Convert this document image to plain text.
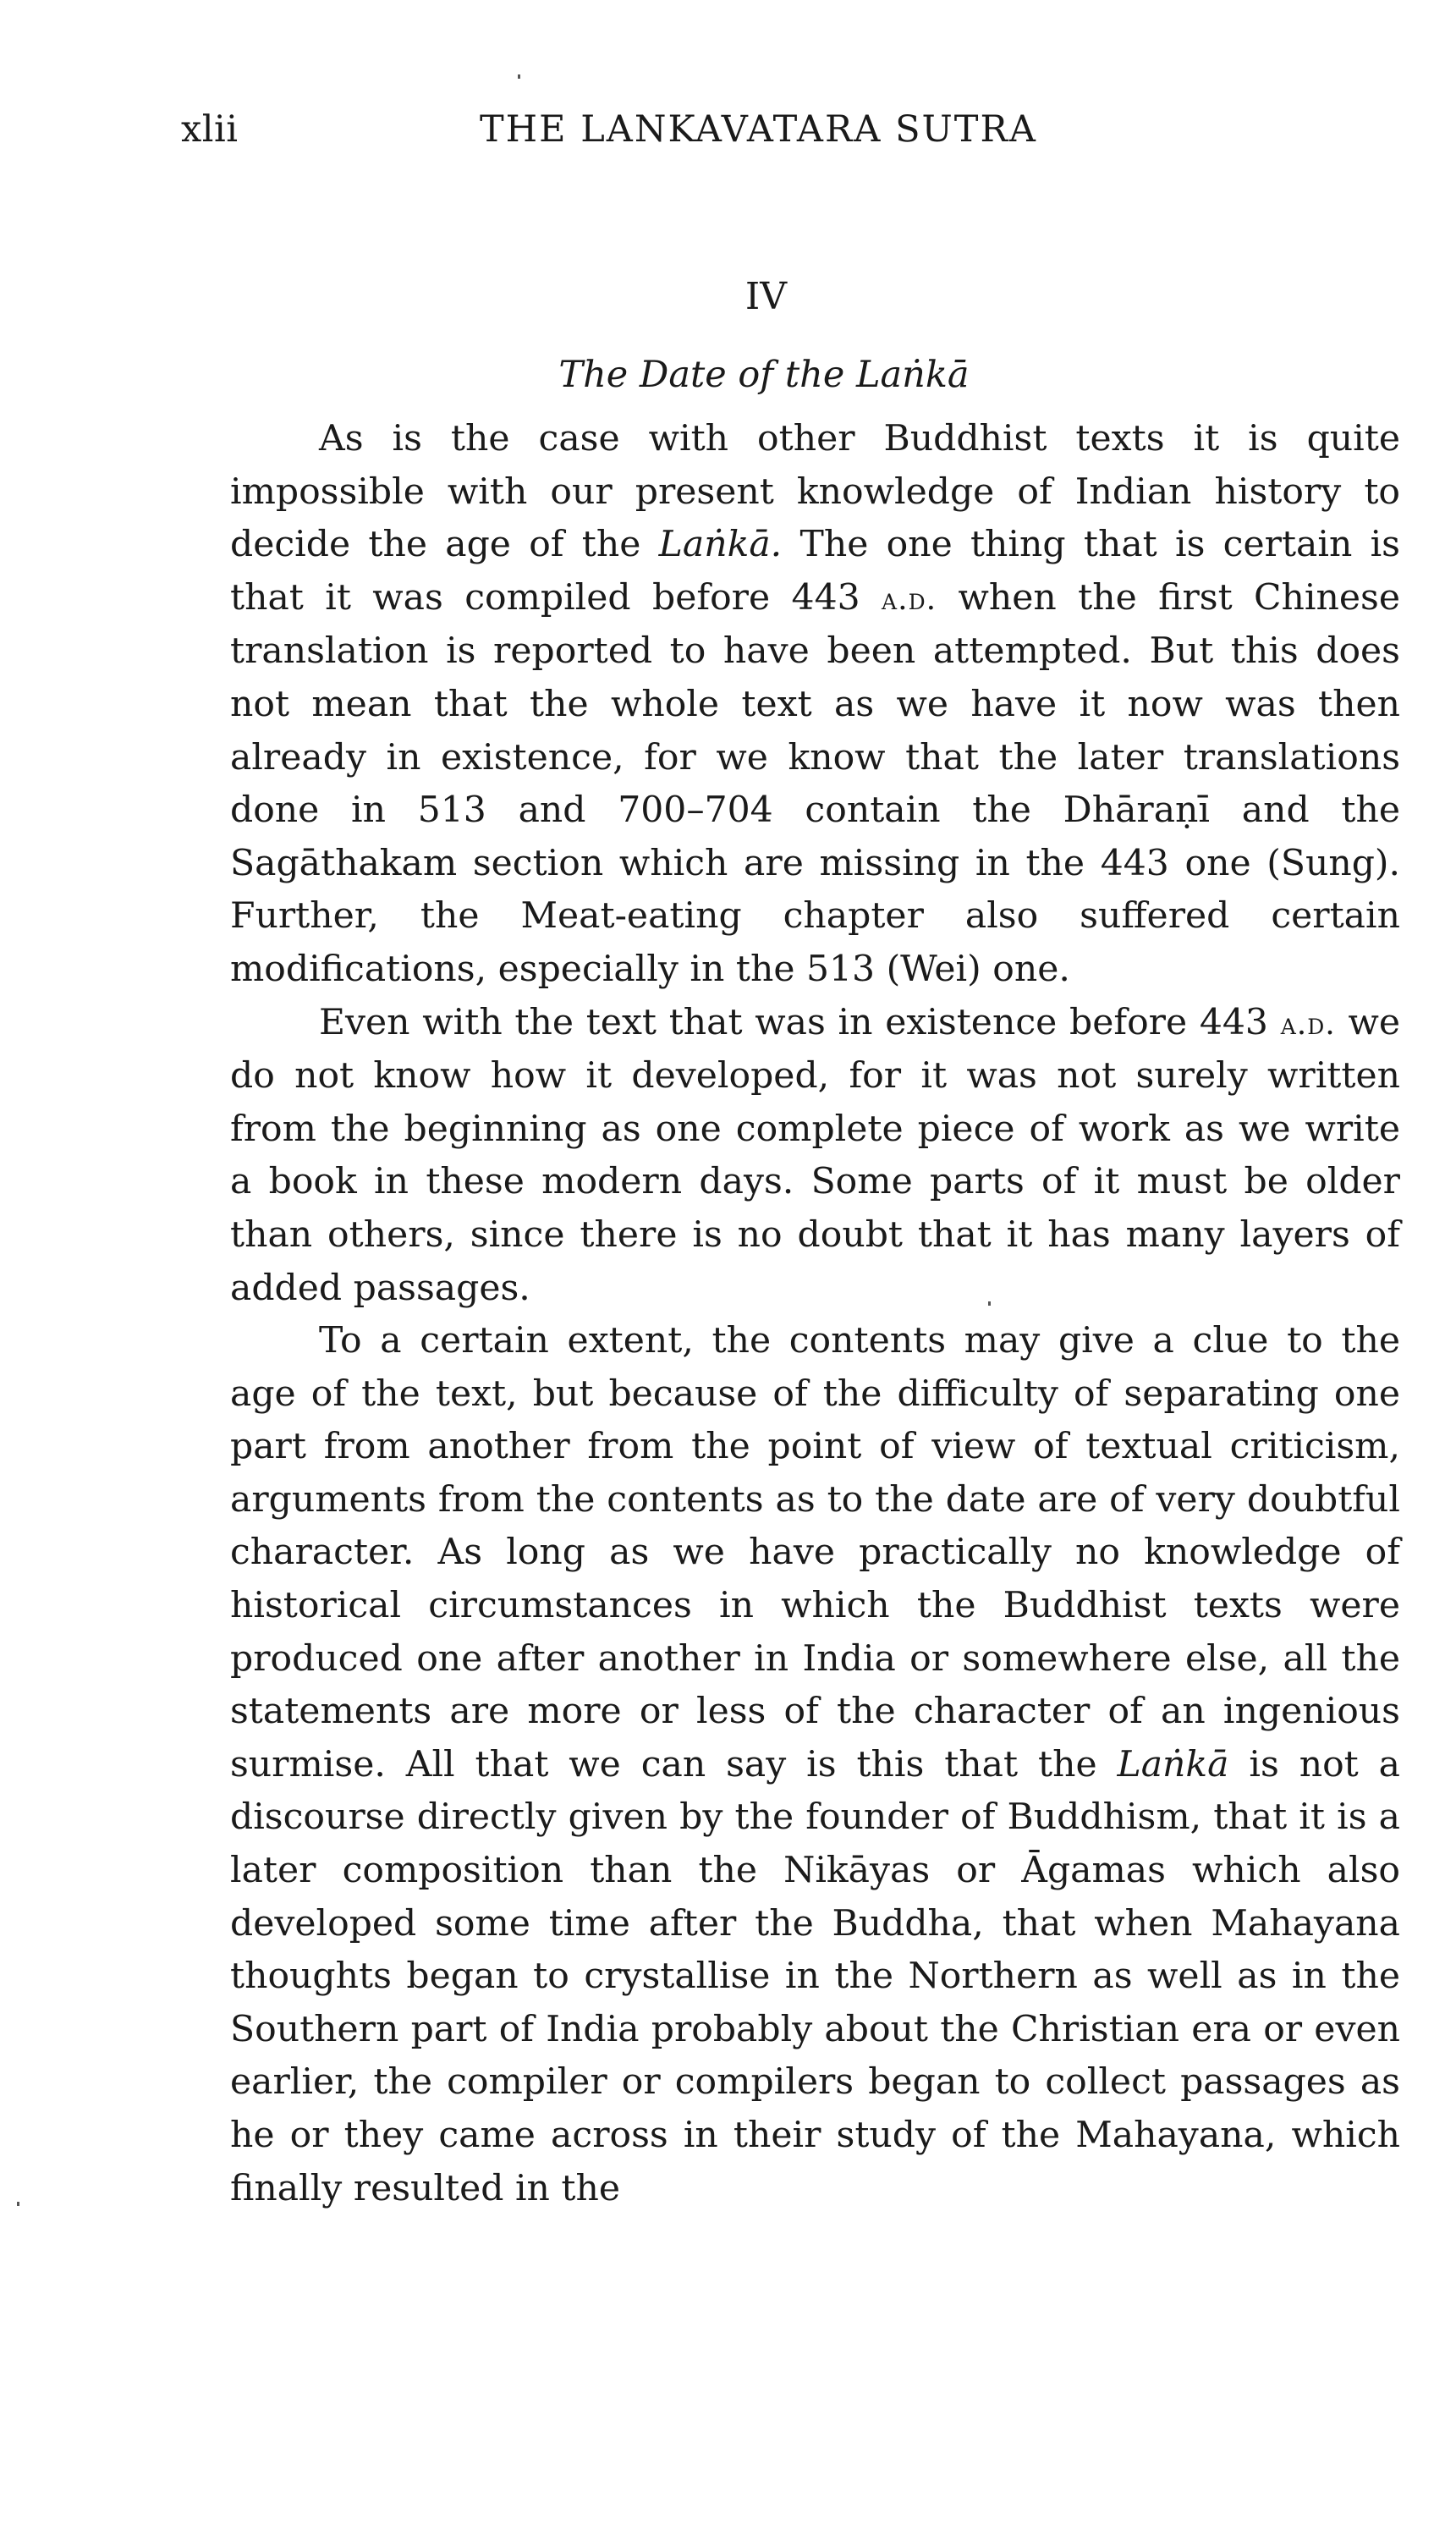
xlii	THE LANKAVATARA SUTRA
IV
The Date of the Laṅkā

As is the case with other Buddhist texts it is quite impossible with our present knowledge of Indian history to decide the age of the Laṅkā. The one thing that is certain is that it was compiled before 443 a.d. when the first Chinese translation is reported to have been attempted. But this does not mean that the whole text as we have it now was then already in existence, for we know that the later translations done in 513 and 700–704 contain the Dhāraṇī and the Sagāthakam section which are missing in the 443 one (Sung). Further, the Meat-eating chapter also suffered certain modifications, especially in the 513 (Wei) one.

Even with the text that was in existence before 443 a.d. we do not know how it developed, for it was not surely written from the beginning as one complete piece of work as we write a book in these modern days. Some parts of it must be older than others, since there is no doubt that it has many layers of added passages.

To a certain extent, the contents may give a clue to the age of the text, but because of the difficulty of separating one part from another from the point of view of textual criticism, arguments from the contents as to the date are of very doubtful character. As long as we have practically no knowledge of historical circumstances in which the Buddhist texts were produced one after another in India or somewhere else, all the statements are more or less of the character of an ingenious surmise. All that we can say is this that the Laṅkā is not a discourse directly given by the founder of Buddhism, that it is a later composition than the Nikāyas or Āgamas which also developed some time after the Buddha, that when Mahayana thoughts began to crystallise in the Northern as well as in the Southern part of India probably about the Christian era or even earlier, the compiler or compilers began to collect passages as he or they came across in their study of the Mahayana, which finally resulted in the
